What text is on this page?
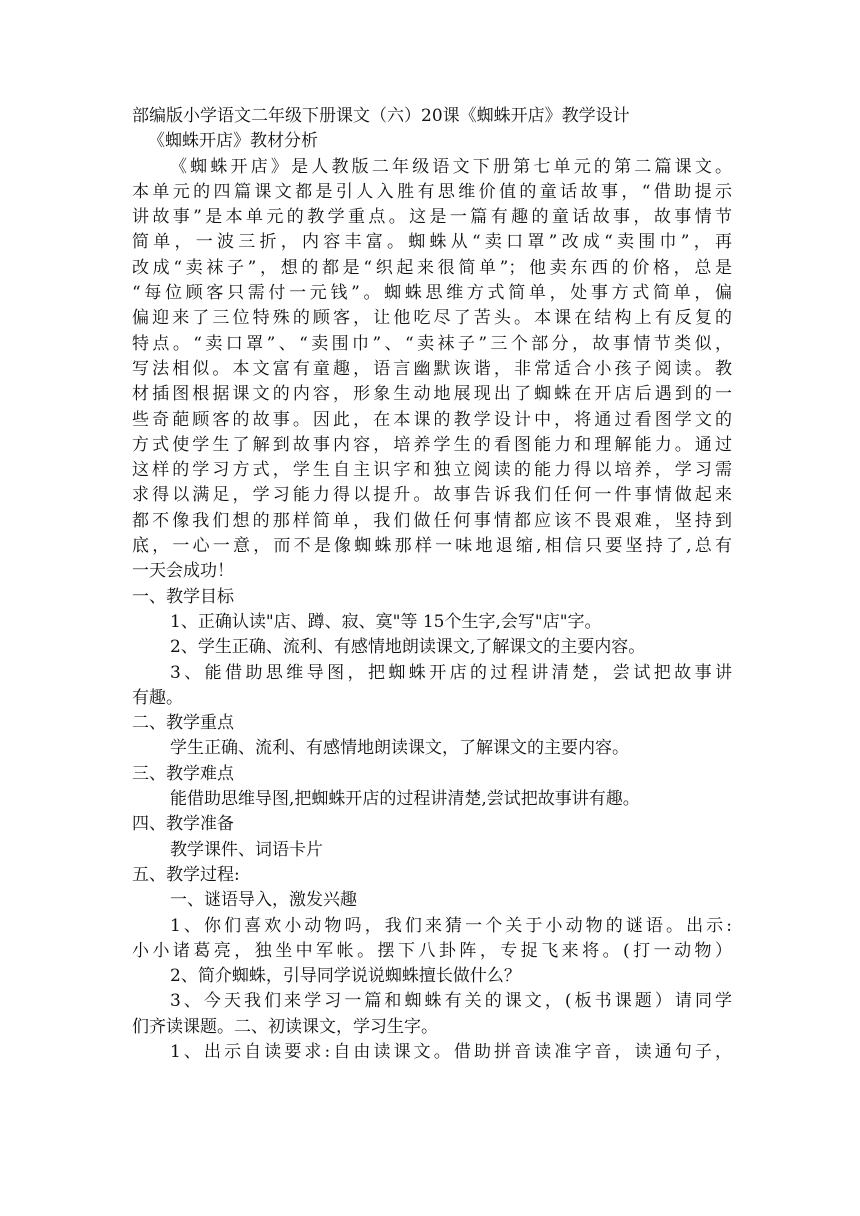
部编版小学语文二年级下册课文（六）20课《蜘蛛开店》教学设计
《蜘蛛开店》教材分析
《蜘蛛开店》是人教版二年级语文下册第七单元的第二篇课文。
本单元的四篇课文都是引人入胜有思维价值的童话故事，“借助提示
讲故事”是本单元的教学重点。这是一篇有趣的童话故事，故事情节
简单，一波三折，内容丰富。蜘蛛从“卖口罩”改成“卖围巾”，再
改成“卖袜子”，想的都是“织起来很简单”；他卖东西的价格，总是
“每位顾客只需付一元钱”。蜘蛛思维方式简单，处事方式简单，偏
偏迎来了三位特殊的顾客，让他吃尽了苦头。本课在结构上有反复的
特点。“卖口罩”、“卖围巾”、“卖袜子”三个部分，故事情节类似，
写法相似。本文富有童趣，语言幽默诙谐，非常适合小孩子阅读。教
材插图根据课文的内容，形象生动地展现出了蜘蛛在开店后遇到的一
些奇葩顾客的故事。因此，在本课的教学设计中，将通过看图学文的
方式使学生了解到故事内容，培养学生的看图能力和理解能力。通过
这样的学习方式，学生自主识字和独立阅读的能力得以培养，学习需
求得以满足，学习能力得以提升。故事告诉我们任何一件事情做起来
都不像我们想的那样简单，我们做任何事情都应该不畏艰难，坚持到
底，一心一意，而不是像蜘蛛那样一味地退缩,相信只要坚持了,总有
一天会成功！
一、教学目标
1、正确认读"店、蹲、寂、寞"等 15个生字,会写"店"字。
2、学生正确、流利、有感情地朗读课文,了解课文的主要内容。
3、能借助思维导图，把蜘蛛开店的过程讲清楚，尝试把故事讲
有趣。
二、教学重点
学生正确、流利、有感情地朗读课文，了解课文的主要内容。
三、教学难点
能借助思维导图,把蜘蛛开店的过程讲清楚,尝试把故事讲有趣。
四、教学准备
教学课件、词语卡片
五、教学过程:
一、谜语导入，激发兴趣
1、你们喜欢小动物吗，我们来猜一个关于小动物的谜语。出示:
小小诸葛亮，独坐中军帐。摆下八卦阵，专捉飞来将。(打一动物）
2、简介蜘蛛，引导同学说说蜘蛛擅长做什么？
3、今天我们来学习一篇和蜘蛛有关的课文，(板书课题）请同学
们齐读课题。二、初读课文，学习生字。
1、出示自读要求:自由读课文。借助拼音读准字音，读通句子，
